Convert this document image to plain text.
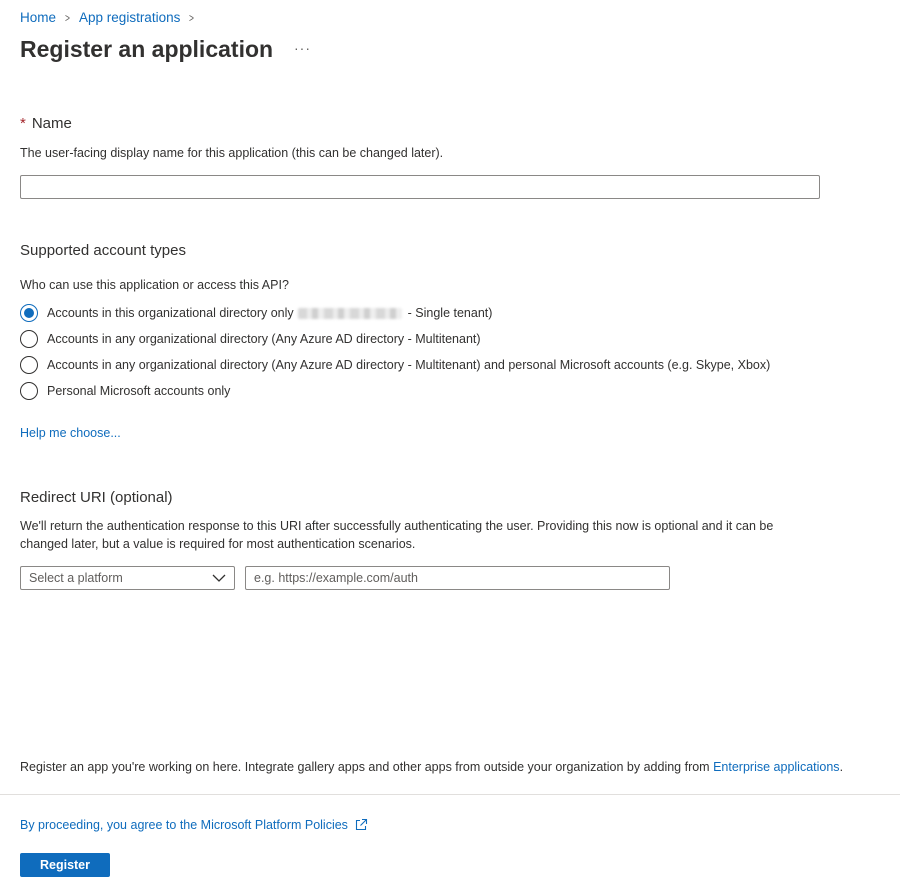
Home > App registrations >
Register an application ···
* Name
The user-facing display name for this application (this can be changed later).
Supported account types
Who can use this application or access this API?
Accounts in this organizational directory only	- Single tenant)
Accounts in any organizational directory (Any Azure AD directory - Multitenant)
Accounts in any organizational directory (Any Azure AD directory - Multitenant) and personal Microsoft accounts (e.g. Skype, Xbox)
Personal Microsoft accounts only
Help me choose...
Redirect URI (optional)
We'll return the authentication response to this URI after successfully authenticating the user. Providing this now is optional and it can be changed later, but a value is required for most authentication scenarios.
Select a platform
e.g. https://example.com/auth
Register an app you're working on here. Integrate gallery apps and other apps from outside your organization by adding from Enterprise applications.
By proceeding, you agree to the Microsoft Platform Policies
Register
